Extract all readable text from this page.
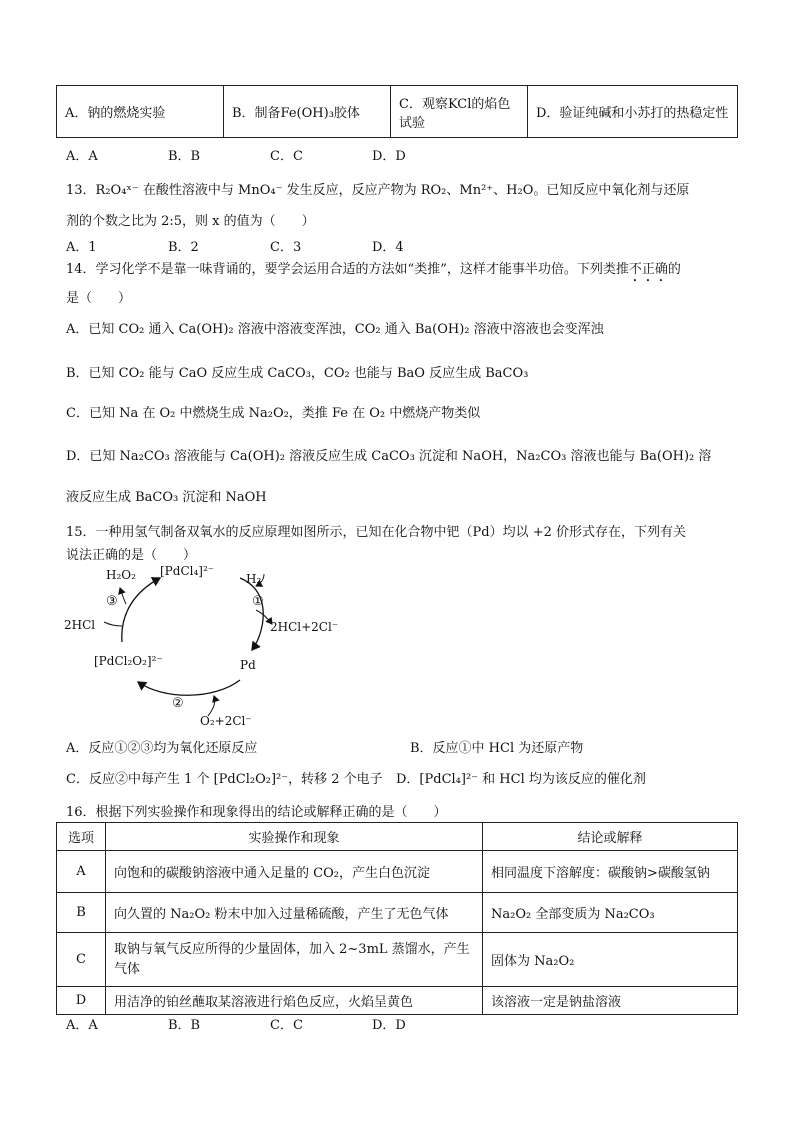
A．钠的燃烧实验	B．制备Fe(OH)₃胶体	C．观察KCl的焰色试验	D．验证纯碱和小苏打的热稳定性
A．A	B．B	C．C	D．D
13．R₂O₄ˣ⁻ 在酸性溶液中与 MnO₄⁻ 发生反应，反应产物为 RO₂、Mn²⁺、H₂O。已知反应中氧化剂与还原
剂的个数之比为 2:5，则 x 的值为（　　）
A．1	B．2	C．3	D．4
14．学习化学不是靠一味背诵的，要学会运用合适的方法如“类推”，这样才能事半功倍。下列类推不正确的
是（　　）
A．已知 CO₂ 通入 Ca(OH)₂ 溶液中溶液变浑浊，CO₂ 通入 Ba(OH)₂ 溶液中溶液也会变浑浊
B．已知 CO₂ 能与 CaO 反应生成 CaCO₃，CO₂ 也能与 BaO 反应生成 BaCO₃
C．已知 Na 在 O₂ 中燃烧生成 Na₂O₂，类推 Fe 在 O₂ 中燃烧产物类似
D．已知 Na₂CO₃ 溶液能与 Ca(OH)₂ 溶液反应生成 CaCO₃ 沉淀和 NaOH，Na₂CO₃ 溶液也能与 Ba(OH)₂ 溶
液反应生成 BaCO₃ 沉淀和 NaOH
15．一种用氢气制备双氧水的反应原理如图所示，已知在化合物中钯（Pd）均以 +2 价形式存在，下列有关
说法正确的是（　　）
[PdCl₄]²⁻
H₂O₂	H₂
①
2HCl+2Cl⁻
③
2HCl
[PdCl₂O₂]²⁻	Pd
②
O₂+2Cl⁻
A．反应①②③均为氧化还原反应	B．反应①中 HCl 为还原产物
C．反应②中每产生 1 个 [PdCl₂O₂]²⁻，转移 2 个电子 D．[PdCl₄]²⁻ 和 HCl 均为该反应的催化剂
16．根据下列实验操作和现象得出的结论或解释正确的是（　　）
选项	实验操作和现象	结论或解释
A	向饱和的碳酸钠溶液中通入足量的 CO₂，产生白色沉淀	相同温度下溶解度：碳酸钠>碳酸氢钠
B	向久置的 Na₂O₂ 粉末中加入过量稀硫酸，产生了无色气体	Na₂O₂ 全部变质为 Na₂CO₃
C	取钠与氧气反应所得的少量固体，加入 2~3mL 蒸馏水，产生气体	固体为 Na₂O₂
D	用洁净的铂丝蘸取某溶液进行焰色反应，火焰呈黄色	该溶液一定是钠盐溶液
A．A	B．B	C．C	D．D
